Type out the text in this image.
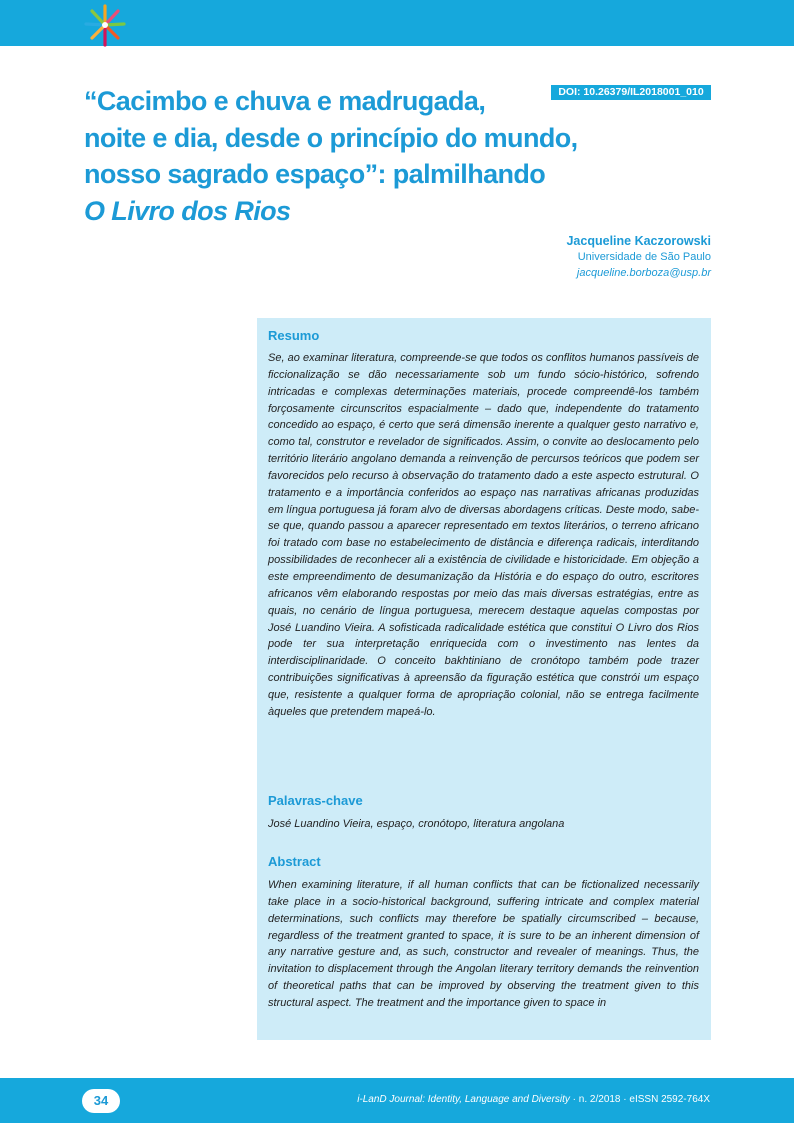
DOI: 10.26379/IL2018001_010
“Cacimbo e chuva e madrugada,
noite e dia, desde o princípio do mundo,
nosso sagrado espaço”: palmilhando
O Livro dos Rios
Jacqueline Kaczorowski
Universidade de São Paulo
jacqueline.borboza@usp.br
Resumo

Se, ao examinar literatura, compreende-se que todos os conflitos humanos passíveis de ficcionalização se dão necessariamente sob um fundo sócio-histórico, sofrendo intricadas e complexas determinações materiais, procede compreendê-los também forçosamente circunscritos espacialmente – dado que, independente do tratamento concedido ao espaço, é certo que será dimensão inerente a qualquer gesto narrativo e, como tal, construtor e revelador de significados. Assim, o convite ao deslocamento pelo território literário angolano demanda a reinvenção de percursos teóricos que podem ser favorecidos pelo recurso à observação do tratamento dado a este aspecto estrutural. O tratamento e a importância conferidos ao espaço nas narrativas africanas produzidas em língua portuguesa já foram alvo de diversas abordagens críticas. Deste modo, sabe-se que, quando passou a aparecer representado em textos literários, o terreno africano foi tratado com base no estabelecimento de distância e diferença radicais, interditando possibilidades de reconhecer ali a existência de civilidade e historicidade. Em objeção a este empreendimento de desumanização da História e do espaço do outro, escritores africanos vêm elaborando respostas por meio das mais diversas estratégias, entre as quais, no cenário de língua portuguesa, merecem destaque aquelas compostas por José Luandino Vieira. A sofisticada radicalidade estética que constitui O Livro dos Rios pode ter sua interpretação enriquecida com o investimento nas lentes da interdisciplinaridade. O conceito bakhtiniano de cronótopo também pode trazer contribuições significativas à apreensão da figuração estética que constrói um espaço que, resistente a qualquer forma de apropriação colonial, não se entrega facilmente àqueles que pretendem mapeá-lo.

Palavras-chave

José Luandino Vieira, espaço, cronótopo, literatura angolana

Abstract

When examining literature, if all human conflicts that can be fictionalized necessarily take place in a socio-historical background, suffering intricate and complex material determinations, such conflicts may therefore be spatially circumscribed – because, regardless of the treatment granted to space, it is sure to be an inherent dimension of any narrative gesture and, as such, constructor and revealer of meanings. Thus, the invitation to displacement through the Angolan literary territory demands the reinvention of theoretical paths that can be improved by observing the treatment given to this structural aspect. The treatment and the importance given to space in

34	i-LanD Journal: Identity, Language and Diversity · n. 2/2018 · eISSN 2592-764X
